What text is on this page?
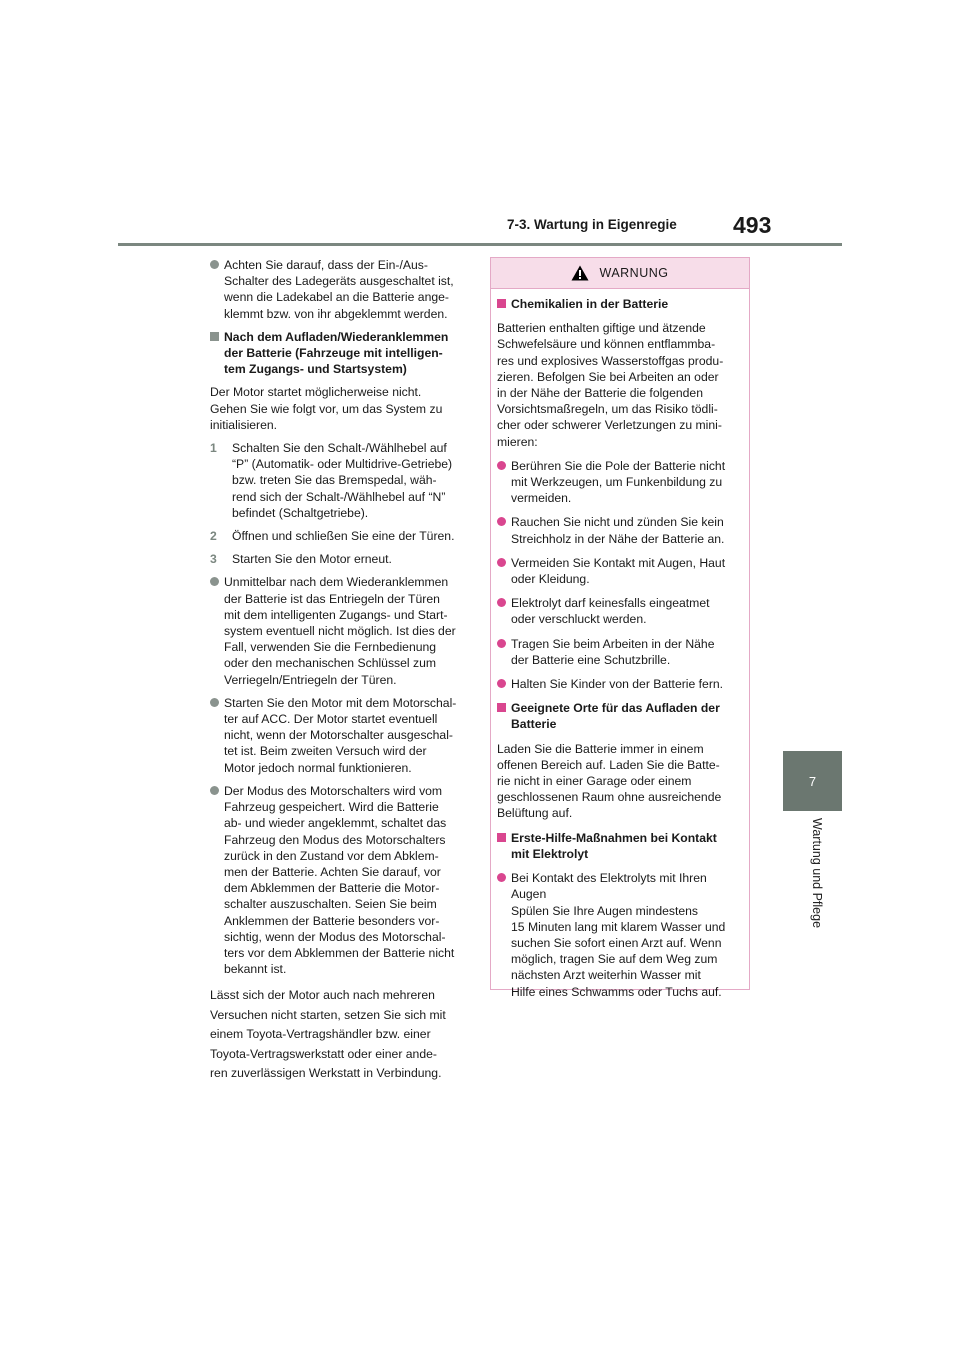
7-3. Wartung in Eigenregie 493
7
Wartung und Pflege
Achten Sie darauf, dass der Ein-/Aus-
Schalter des Ladegeräts ausgeschaltet ist,
wenn die Ladekabel an die Batterie ange-
klemmt bzw. von ihr abgeklemmt werden.
Nach dem Aufladen/Wiederanklemmen
der Batterie (Fahrzeuge mit intelligen-
tem Zugangs- und Startsystem)
Der Motor startet möglicherweise nicht.
Gehen Sie wie folgt vor, um das System zu
initialisieren.
1 Schalten Sie den Schalt-/Wählhebel auf
“P” (Automatik- oder Multidrive-Getriebe)
bzw. treten Sie das Bremspedal, wäh-
rend sich der Schalt-/Wählhebel auf “N”
befindet (Schaltgetriebe).
2 Öffnen und schließen Sie eine der Türen.
3 Starten Sie den Motor erneut.
Unmittelbar nach dem Wiederanklemmen
der Batterie ist das Entriegeln der Türen
mit dem intelligenten Zugangs- und Start-
system eventuell nicht möglich. Ist dies der
Fall, verwenden Sie die Fernbedienung
oder den mechanischen Schlüssel zum
Verriegeln/Entriegeln der Türen.
Starten Sie den Motor mit dem Motorschal-
ter auf ACC. Der Motor startet eventuell
nicht, wenn der Motorschalter ausgeschal-
tet ist. Beim zweiten Versuch wird der
Motor jedoch normal funktionieren.
Der Modus des Motorschalters wird vom
Fahrzeug gespeichert. Wird die Batterie
ab- und wieder angeklemmt, schaltet das
Fahrzeug den Modus des Motorschalters
zurück in den Zustand vor dem Abklem-
men der Batterie. Achten Sie darauf, vor
dem Abklemmen der Batterie die Motor-
schalter auszuschalten. Seien Sie beim
Anklemmen der Batterie besonders vor-
sichtig, wenn der Modus des Motorschal-
ters vor dem Abklemmen der Batterie nicht
bekannt ist.
Lässt sich der Motor auch nach mehreren
Versuchen nicht starten, setzen Sie sich mit
einem Toyota-Vertragshändler bzw. einer
Toyota-Vertragswerkstatt oder einer ande-
ren zuverlässigen Werkstatt in Verbindung.
WARNUNG
Chemikalien in der Batterie
Batterien enthalten giftige und ätzende
Schwefelsäure und können entflammba-
res und explosives Wasserstoffgas produ-
zieren. Befolgen Sie bei Arbeiten an oder
in der Nähe der Batterie die folgenden
Vorsichtsmaßregeln, um das Risiko tödli-
cher oder schwerer Verletzungen zu mini-
mieren:
Berühren Sie die Pole der Batterie nicht
mit Werkzeugen, um Funkenbildung zu
vermeiden.
Rauchen Sie nicht und zünden Sie kein
Streichholz in der Nähe der Batterie an.
Vermeiden Sie Kontakt mit Augen, Haut
oder Kleidung.
Elektrolyt darf keinesfalls eingeatmet
oder verschluckt werden.
Tragen Sie beim Arbeiten in der Nähe
der Batterie eine Schutzbrille.
Halten Sie Kinder von der Batterie fern.
Geeignete Orte für das Aufladen der
Batterie
Laden Sie die Batterie immer in einem
offenen Bereich auf. Laden Sie die Batte-
rie nicht in einer Garage oder einem
geschlossenen Raum ohne ausreichende
Belüftung auf.
Erste-Hilfe-Maßnahmen bei Kontakt
mit Elektrolyt
Bei Kontakt des Elektrolyts mit Ihren
Augen
Spülen Sie Ihre Augen mindestens
15 Minuten lang mit klarem Wasser und
suchen Sie sofort einen Arzt auf. Wenn
möglich, tragen Sie auf dem Weg zum
nächsten Arzt weiterhin Wasser mit
Hilfe eines Schwamms oder Tuchs auf.
